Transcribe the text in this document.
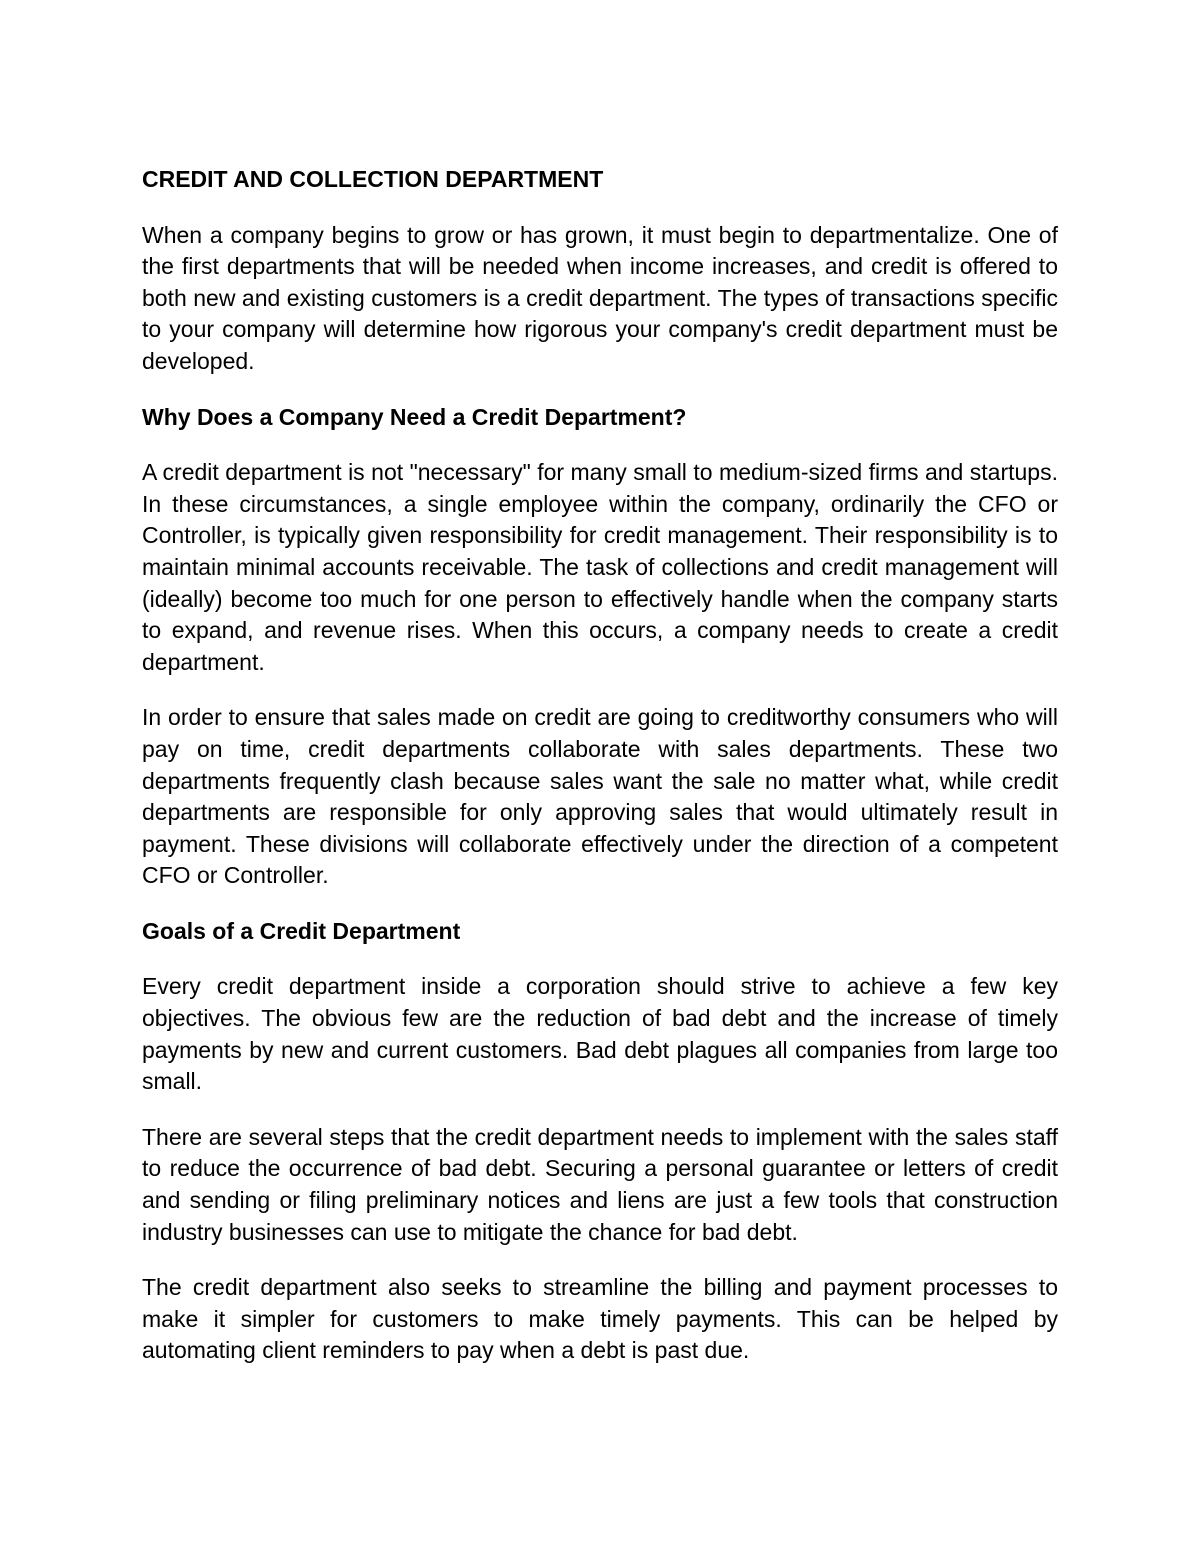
CREDIT AND COLLECTION DEPARTMENT

When a company begins to grow or has grown, it must begin to departmentalize. One of the first departments that will be needed when income increases, and credit is offered to both new and existing customers is a credit department. The types of transactions specific to your company will determine how rigorous your company's credit department must be developed.

Why Does a Company Need a Credit Department?

A credit department is not "necessary" for many small to medium-sized firms and startups. In these circumstances, a single employee within the company, ordinarily the CFO or Controller, is typically given responsibility for credit management. Their responsibility is to maintain minimal accounts receivable. The task of collections and credit management will (ideally) become too much for one person to effectively handle when the company starts to expand, and revenue rises. When this occurs, a company needs to create a credit department.

In order to ensure that sales made on credit are going to creditworthy consumers who will pay on time, credit departments collaborate with sales departments. These two departments frequently clash because sales want the sale no matter what, while credit departments are responsible for only approving sales that would ultimately result in payment. These divisions will collaborate effectively under the direction of a competent CFO or Controller.

Goals of a Credit Department

Every credit department inside a corporation should strive to achieve a few key objectives. The obvious few are the reduction of bad debt and the increase of timely payments by new and current customers. Bad debt plagues all companies from large too small.

There are several steps that the credit department needs to implement with the sales staff to reduce the occurrence of bad debt. Securing a personal guarantee or letters of credit and sending or filing preliminary notices and liens are just a few tools that construction industry businesses can use to mitigate the chance for bad debt.

The credit department also seeks to streamline the billing and payment processes to make it simpler for customers to make timely payments. This can be helped by automating client reminders to pay when a debt is past due.
